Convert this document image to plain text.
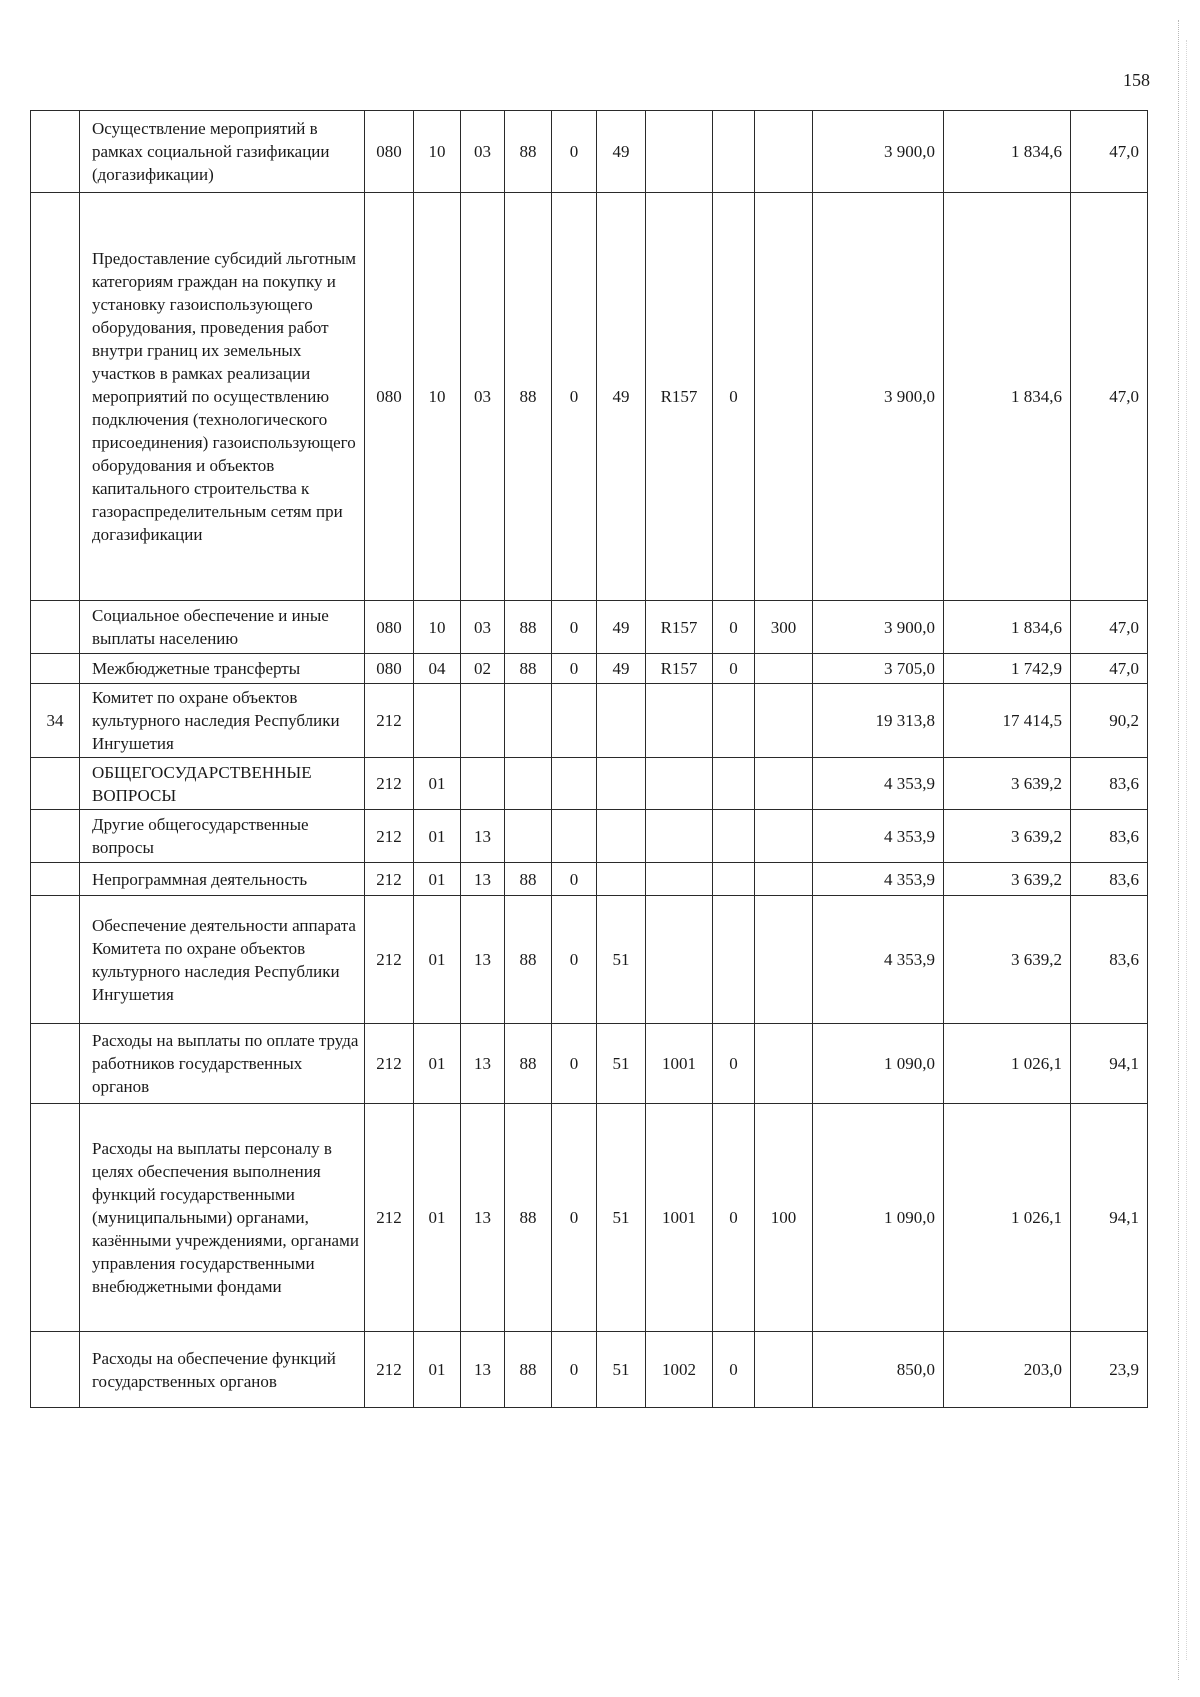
158
	Осуществление мероприятий в рамках социальной газификации (догазификации)	080	10	03	88	0	49				3 900,0	1 834,6	47,0
	Предоставление субсидий льготным категориям граждан на покупку и установку газоиспользующего оборудования, проведения работ внутри границ их земельных участков в рамках реализации мероприятий по осуществлению подключения (технологического присоединения) газоиспользующего оборудования и объектов капитального строительства к газораспределительным сетям при догазификации	080	10	03	88	0	49	R157	0		3 900,0	1 834,6	47,0
	Социальное обеспечение и иные выплаты населению	080	10	03	88	0	49	R157	0	300	3 900,0	1 834,6	47,0
	Межбюджетные трансферты	080	04	02	88	0	49	R157	0		3 705,0	1 742,9	47,0
34	Комитет по охране объектов культурного наследия Республики Ингушетия	212									19 313,8	17 414,5	90,2
	ОБЩЕГОСУДАРСТВЕННЫЕ ВОПРОСЫ	212	01								4 353,9	3 639,2	83,6
	Другие общегосударственные вопросы	212	01	13							4 353,9	3 639,2	83,6
	Непрограммная деятельность	212	01	13	88	0					4 353,9	3 639,2	83,6
	Обеспечение деятельности аппарата Комитета по охране объектов культурного наследия Республики Ингушетия	212	01	13	88	0	51				4 353,9	3 639,2	83,6
	Расходы на выплаты по оплате труда работников государственных органов	212	01	13	88	0	51	1001	0		1 090,0	1 026,1	94,1
	Расходы на выплаты персоналу в целях обеспечения выполнения функций государственными (муниципальными) органами, казёнными учреждениями, органами управления государственными внебюджетными фондами	212	01	13	88	0	51	1001	0	100	1 090,0	1 026,1	94,1
	Расходы на обеспечение функций государственных органов	212	01	13	88	0	51	1002	0		850,0	203,0	23,9
